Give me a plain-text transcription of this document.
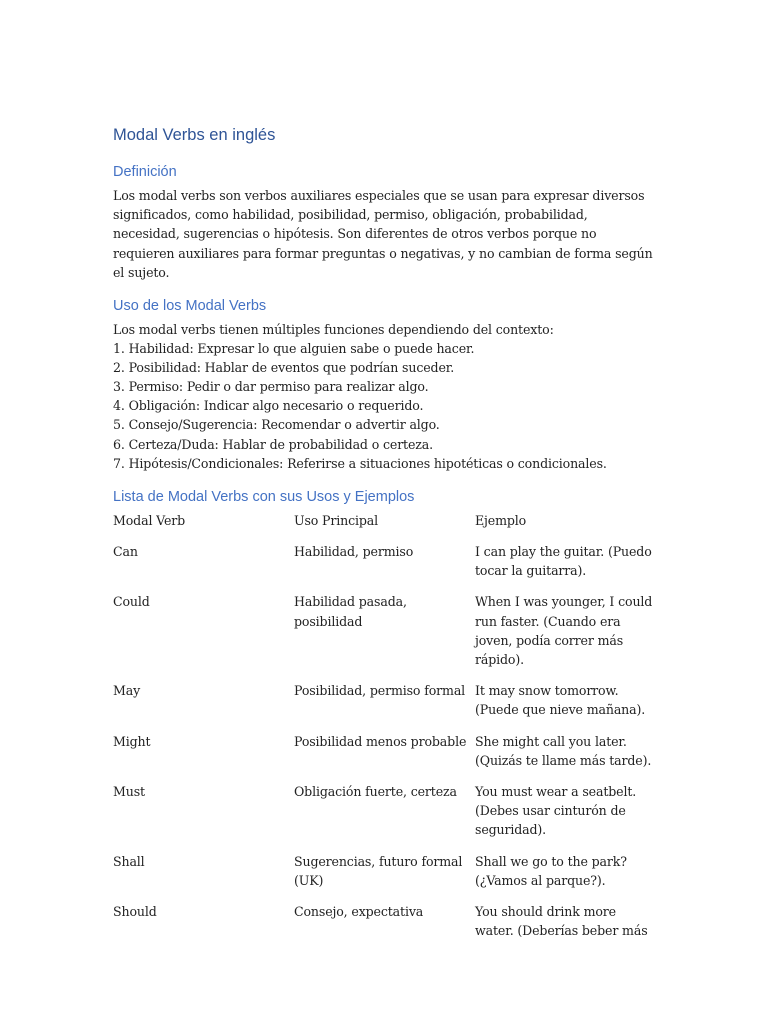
Modal Verbs en inglés
Definición

Los modal verbs son verbos auxiliares especiales que se usan para expresar diversos significados, como habilidad, posibilidad, permiso, obligación, probabilidad, necesidad, sugerencias o hipótesis. Son diferentes de otros verbos porque no requieren auxiliares para formar preguntas o negativas, y no cambian de forma según el sujeto.

Uso de los Modal Verbs

Los modal verbs tienen múltiples funciones dependiendo del contexto:

1. Habilidad: Expresar lo que alguien sabe o puede hacer.

2. Posibilidad: Hablar de eventos que podrían suceder.

3. Permiso: Pedir o dar permiso para realizar algo.

4. Obligación: Indicar algo necesario o requerido.

5. Consejo/Sugerencia: Recomendar o advertir algo.

6. Certeza/Duda: Hablar de probabilidad o certeza.

7. Hipótesis/Condicionales: Referirse a situaciones hipotéticas o condicionales.

Lista de Modal Verbs con sus Usos y Ejemplos
Modal Verb	Uso Principal	Ejemplo
Can	Habilidad, permiso	I can play the guitar. (Puedo tocar la guitarra).
Could	Habilidad pasada, posibilidad	When I was younger, I could run faster. (Cuando era joven, podía correr más rápido).
May	Posibilidad, permiso formal	It may snow tomorrow. (Puede que nieve mañana).
Might	Posibilidad menos probable	She might call you later. (Quizás te llame más tarde).
Must	Obligación fuerte, certeza	You must wear a seatbelt. (Debes usar cinturón de seguridad).
Shall	Sugerencias, futuro formal (UK)	Shall we go to the park? (¿Vamos al parque?).
Should	Consejo, expectativa	You should drink more water. (Deberías beber más
